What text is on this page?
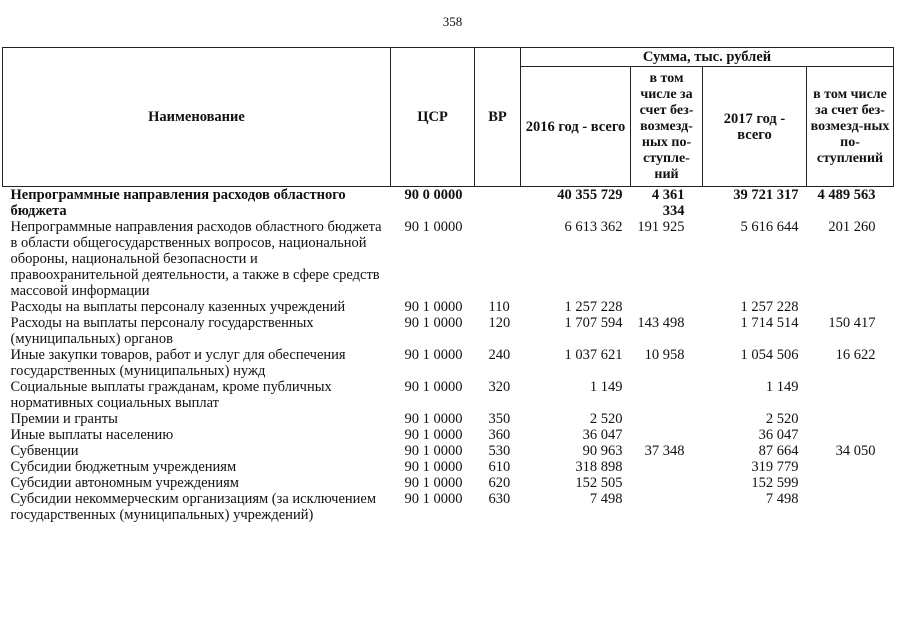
358
Наименование	ЦСР	ВР	Сумма, тыс. рублей			
			2016 год - всего	в том числе за счет без-возмезд-ных по-ступле-ний	2017 год - всего	в том числе за счет без-возмезд-ных по-ступлений
Непрограммные направления расходов областного бюджета	90 0 0000		40 355 729	4 361 334	39 721 317	4 489 563
Непрограммные направления расходов областного бюджета в области общегосударственных вопросов, национальной обороны, национальной безопасности и правоохранительной деятельности, а также в сфере средств массовой информации	90 1 0000		6 613 362	191 925	5 616 644	201 260
Расходы на выплаты персоналу казенных учреждений	90 1 0000	110	1 257 228		1 257 228	
Расходы на выплаты персоналу государственных (муниципальных) органов	90 1 0000	120	1 707 594	143 498	1 714 514	150 417
Иные закупки товаров, работ и услуг для обеспечения государственных (муниципальных) нужд	90 1 0000	240	1 037 621	10 958	1 054 506	16 622
Социальные выплаты гражданам, кроме публичных нормативных социальных выплат	90 1 0000	320	1 149		1 149	
Премии и гранты	90 1 0000	350	2 520		2 520	
Иные выплаты населению	90 1 0000	360	36 047		36 047	
Субвенции	90 1 0000	530	90 963	37 348	87 664	34 050
Субсидии бюджетным учреждениям	90 1 0000	610	318 898		319 779	
Субсидии автономным учреждениям	90 1 0000	620	152 505		152 599	
Субсидии некоммерческим организациям (за исключением государственных (муниципальных) учреждений)	90 1 0000	630	7 498		7 498	
